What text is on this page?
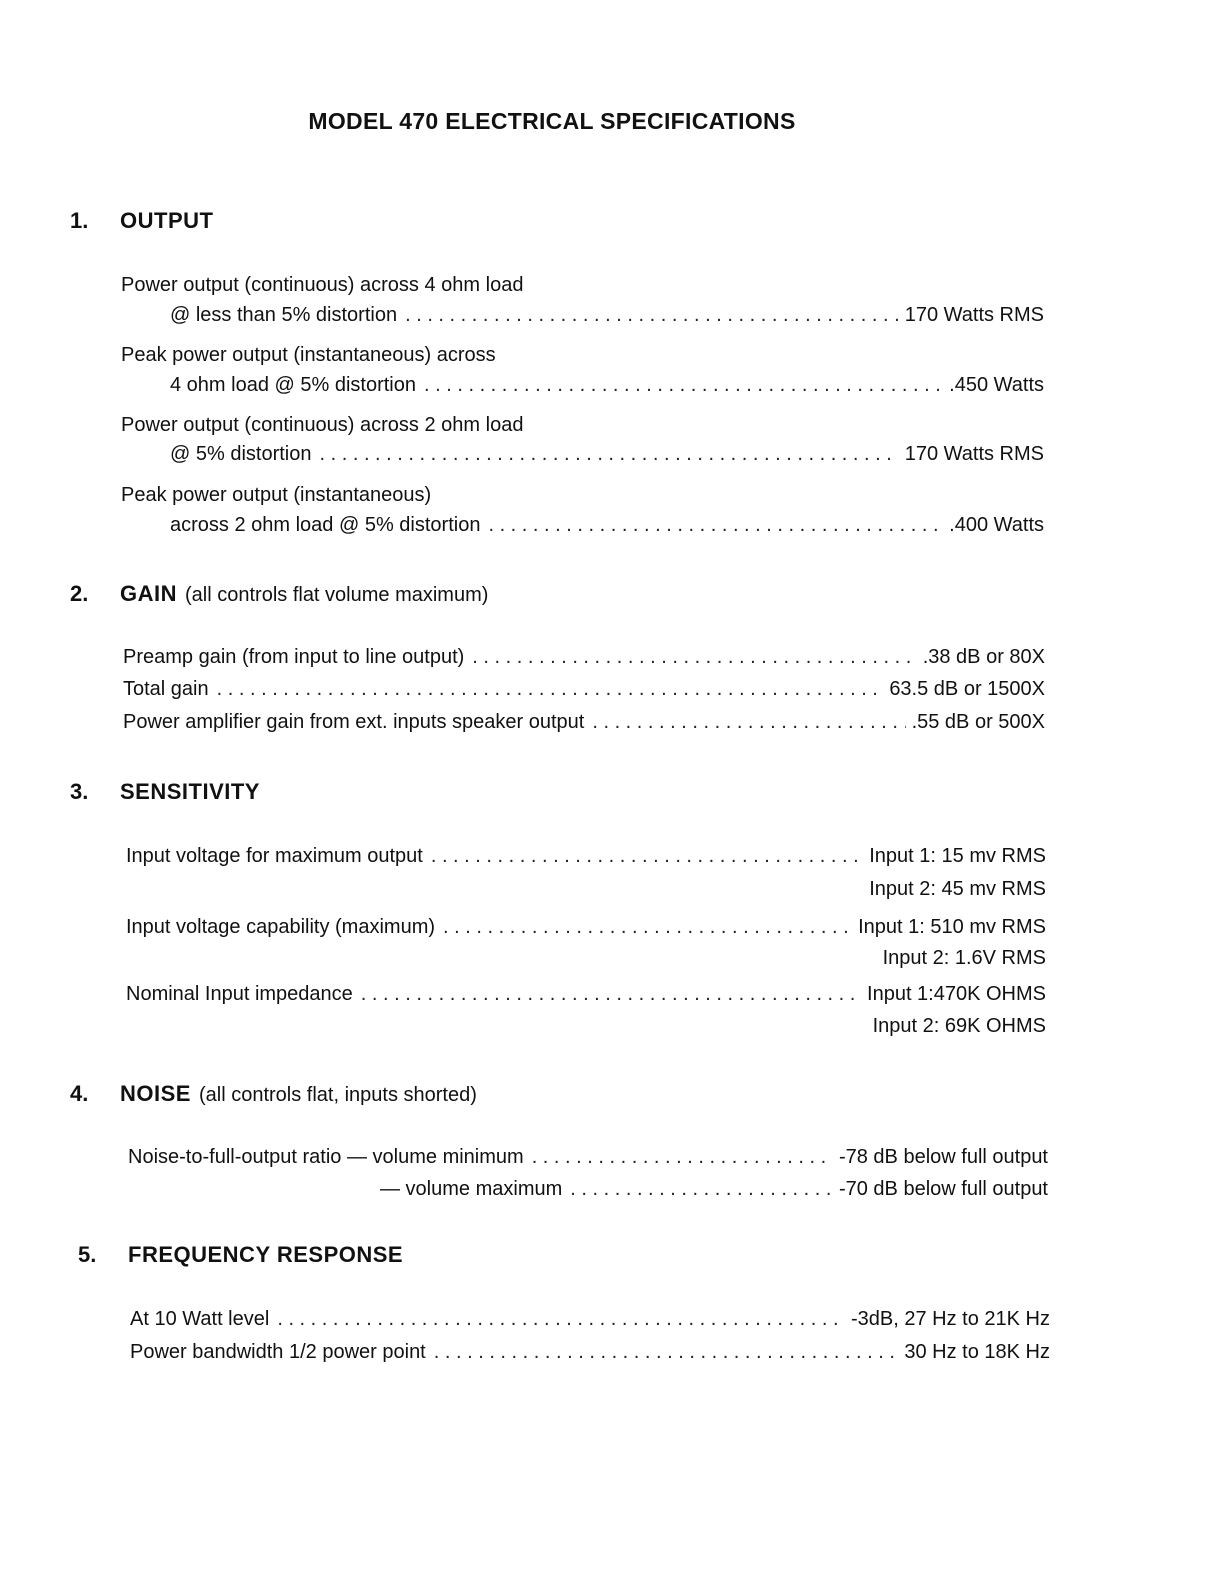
MODEL 470 ELECTRICAL SPECIFICATIONS
1.	OUTPUT
Power output (continuous) across 4 ohm load
@ less than 5% distortion . . .	170 Watts RMS
Peak power output (instantaneous) across
4 ohm load @ 5% distortion . . .	.450 Watts
Power output (continuous) across 2 ohm load
@ 5% distortion . . .	170 Watts RMS
Peak power output (instantaneous)
across 2 ohm load @ 5% distortion . . .	.400 Watts
2.	GAIN (all controls flat volume maximum)
Preamp gain (from input to line output) . . .	.38 dB or 80X
Total gain . . .	63.5 dB or 1500X
Power amplifier gain from ext. inputs speaker output . . .	.55 dB or 500X
3.	SENSITIVITY
Input voltage for maximum output . . .	Input 1: 15 mv RMS
Input 2: 45 mv RMS
Input voltage capability (maximum) . . .	Input 1: 510 mv RMS
Input 2: 1.6V RMS
Nominal Input impedance . . .	Input 1:470K OHMS
Input 2: 69K OHMS
4.	NOISE (all controls flat, inputs shorted)
Noise-to-full-output ratio — volume minimum . . .	-78 dB below full output
— volume maximum . . .	-70 dB below full output
5.	FREQUENCY RESPONSE
At 10 Watt level . . .	-3dB, 27 Hz to 21K Hz
Power bandwidth 1/2 power point . . .	30 Hz to 18K Hz
